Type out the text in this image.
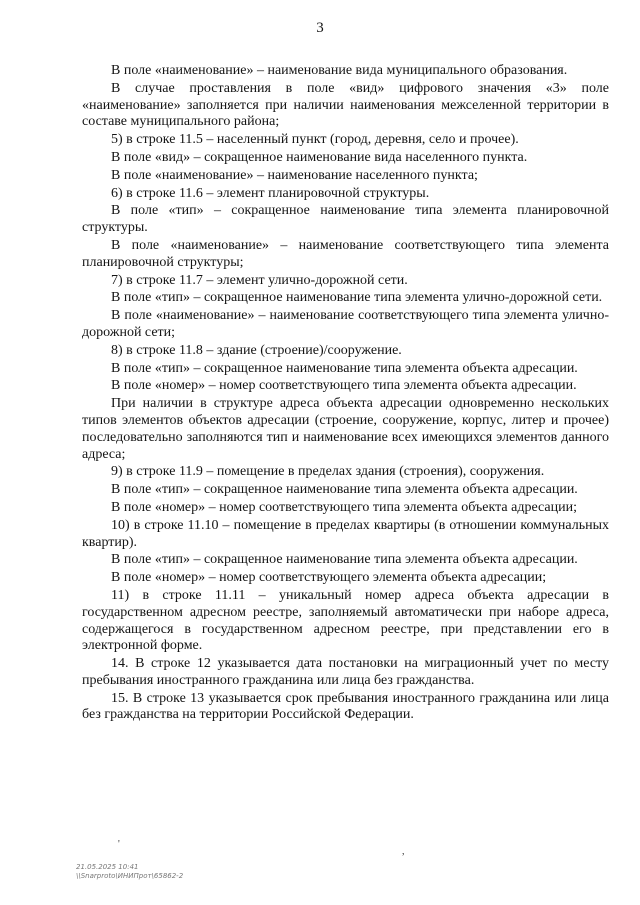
3

В поле «наименование» – наименование вида муниципального образования.

В случае проставления в поле «вид» цифрового значения «3» поле «наименование» заполняется при наличии наименования межселенной территории в составе муниципального района;

5) в строке 11.5 – населенный пункт (город, деревня, село и прочее).

В поле «вид» – сокращенное наименование вида населенного пункта.

В поле «наименование» – наименование населенного пункта;

6) в строке 11.6 – элемент планировочной структуры.

В поле «тип» – сокращенное наименование типа элемента планировочной структуры.

В поле «наименование» – наименование соответствующего типа элемента планировочной структуры;

7) в строке 11.7 – элемент улично-дорожной сети.

В поле «тип» – сокращенное наименование типа элемента улично-дорожной сети.

В поле «наименование» – наименование соответствующего типа элемента улично-дорожной сети;

8) в строке 11.8 – здание (строение)/сооружение.

В поле «тип» – сокращенное наименование типа элемента объекта адресации.

В поле «номер» – номер соответствующего типа элемента объекта адресации.

При наличии в структуре адреса объекта адресации одновременно нескольких типов элементов объектов адресации (строение, сооружение, корпус, литер и прочее) последовательно заполняются тип и наименование всех имеющихся элементов данного адреса;

9) в строке 11.9 – помещение в пределах здания (строения), сооружения.

В поле «тип» – сокращенное наименование типа элемента объекта адресации.

В поле «номер» – номер соответствующего типа элемента объекта адресации;

10) в строке 11.10 – помещение в пределах квартиры (в отношении коммунальных квартир).

В поле «тип» – сокращенное наименование типа элемента объекта адресации.

В поле «номер» – номер соответствующего элемента объекта адресации;

11) в строке 11.11 – уникальный номер адреса объекта адресации в государственном адресном реестре, заполняемый автоматически при наборе адреса, содержащегося в государственном адресном реестре, при представлении его в электронной форме.

14. В строке 12 указывается дата постановки на миграционный учет по месту пребывания иностранного гражданина или лица без гражданства.

15. В строке 13 указывается срок пребывания иностранного гражданина или лица без гражданства на территории Российской Федерации.

'
,
21.05.2025 10:41
\\Snarproto\ИНИПрот\65862-2
